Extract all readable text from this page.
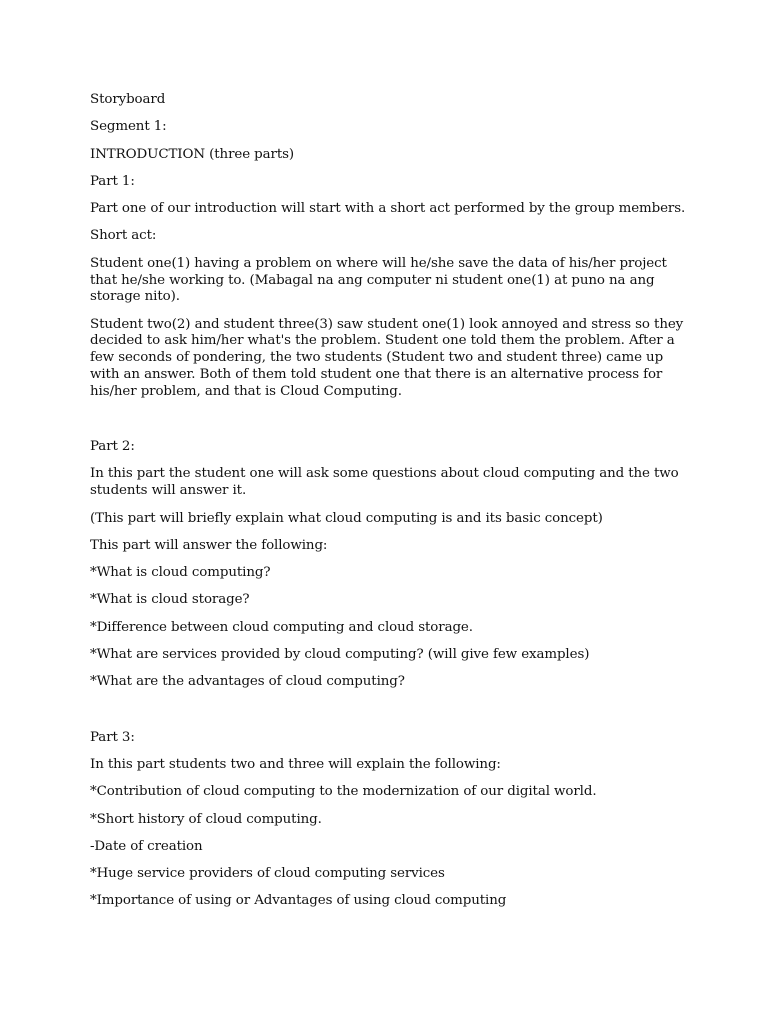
Storyboard

Segment 1:

INTRODUCTION (three parts)

Part 1:

Part one of our introduction will start with a short act performed by the group members.

Short act:

Student one(1) having a problem on where will he/she save the data of his/her project that he/she working to. (Mabagal na ang computer ni student one(1) at puno na ang storage nito).

Student two(2) and student three(3) saw student one(1) look annoyed and stress so they decided to ask him/her what's the problem. Student one told them the problem. After a few seconds of pondering, the two students (Student two and student three) came up with an answer. Both of them told student one that there is an alternative process for his/her problem, and that is Cloud Computing.

Part 2:

In this part the student one will ask some questions about cloud computing and the two students will answer it.

(This part will briefly explain what cloud computing is and its basic concept)

This part will answer the following:

*What is cloud computing?

*What is cloud storage?

*Difference between cloud computing and cloud storage.

*What are services provided by cloud computing? (will give few examples)

*What are the advantages of cloud computing?

Part 3:

In this part students two and three will explain the following:

*Contribution of cloud computing to the modernization of our digital world.

*Short history of cloud computing.

-Date of creation

*Huge service providers of cloud computing services

*Importance of using or Advantages of using cloud computing
